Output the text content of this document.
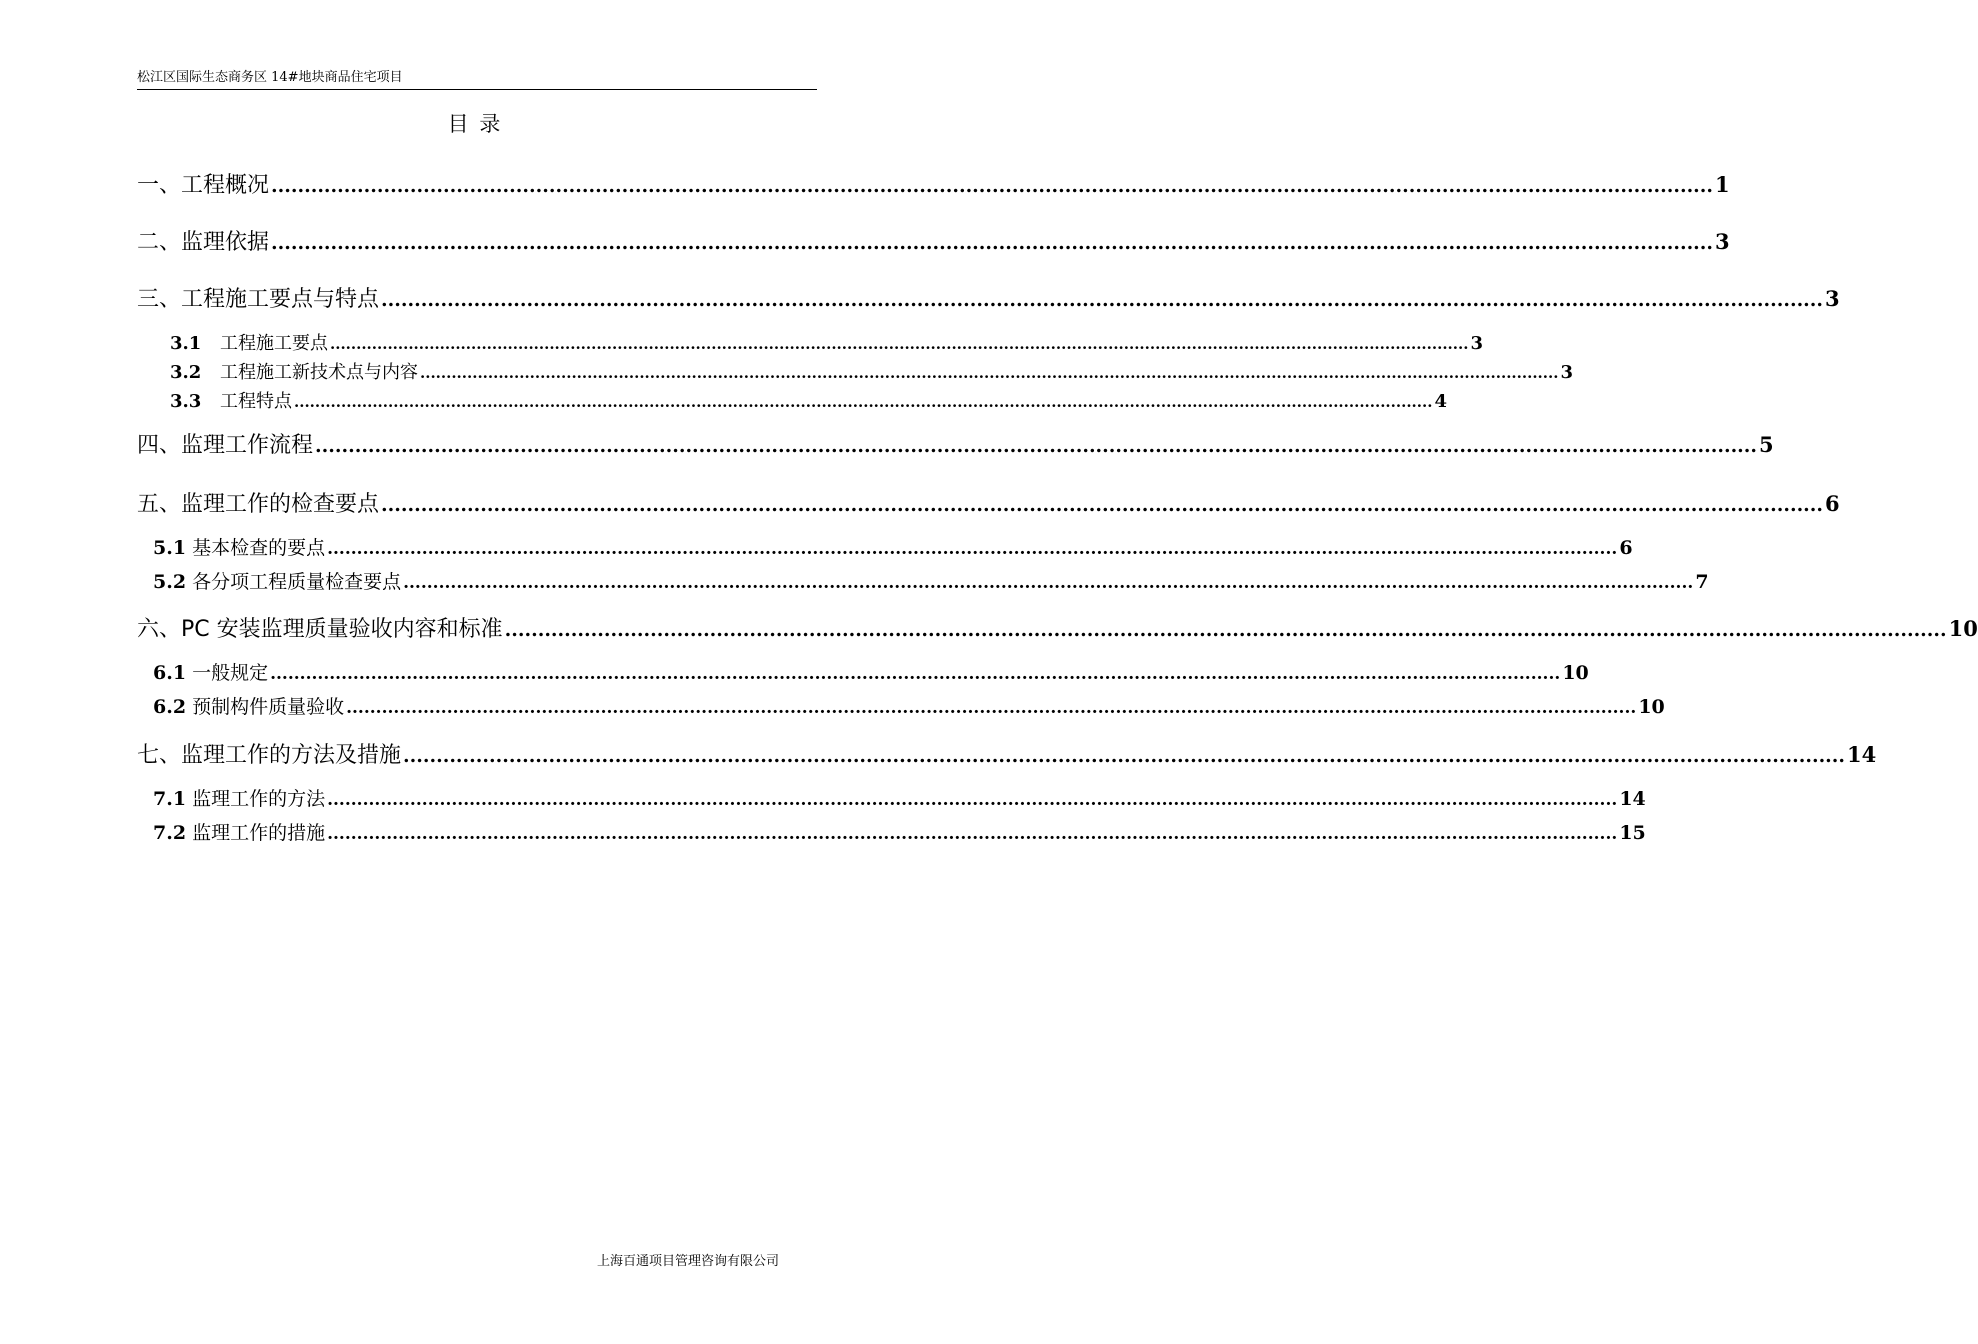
松江区国际生态商务区 14#地块商品住宅项目
目 录
一、工程概况 .......................................................................................................................................................................................................................... 1
二、监理依据 .......................................................................................................................................................................................................................... 3
三、工程施工要点与特点 .......................................................................................................................................................................................................................... 3
3.1 工程施工要点 .......................................................................................................................................................................................................................... 3
3.2 工程施工新技术点与内容 .......................................................................................................................................................................................................................... 3
3.3 工程特点 .......................................................................................................................................................................................................................... 4
四、监理工作流程 .......................................................................................................................................................................................................................... 5
五、监理工作的检查要点 .......................................................................................................................................................................................................................... 6
5.1 基本检查的要点 .......................................................................................................................................................................................................................... 6
5.2 各分项工程质量检查要点 .......................................................................................................................................................................................................................... 7
六、PC 安装监理质量验收内容和标准 .......................................................................................................................................................................................................................... 10
6.1 一般规定 .......................................................................................................................................................................................................................... 10
6.2 预制构件质量验收 .......................................................................................................................................................................................................................... 10
七、监理工作的方法及措施 .......................................................................................................................................................................................................................... 14
7.1 监理工作的方法 .......................................................................................................................................................................................................................... 14
7.2 监理工作的措施 .......................................................................................................................................................................................................................... 15
上海百通项目管理咨询有限公司
